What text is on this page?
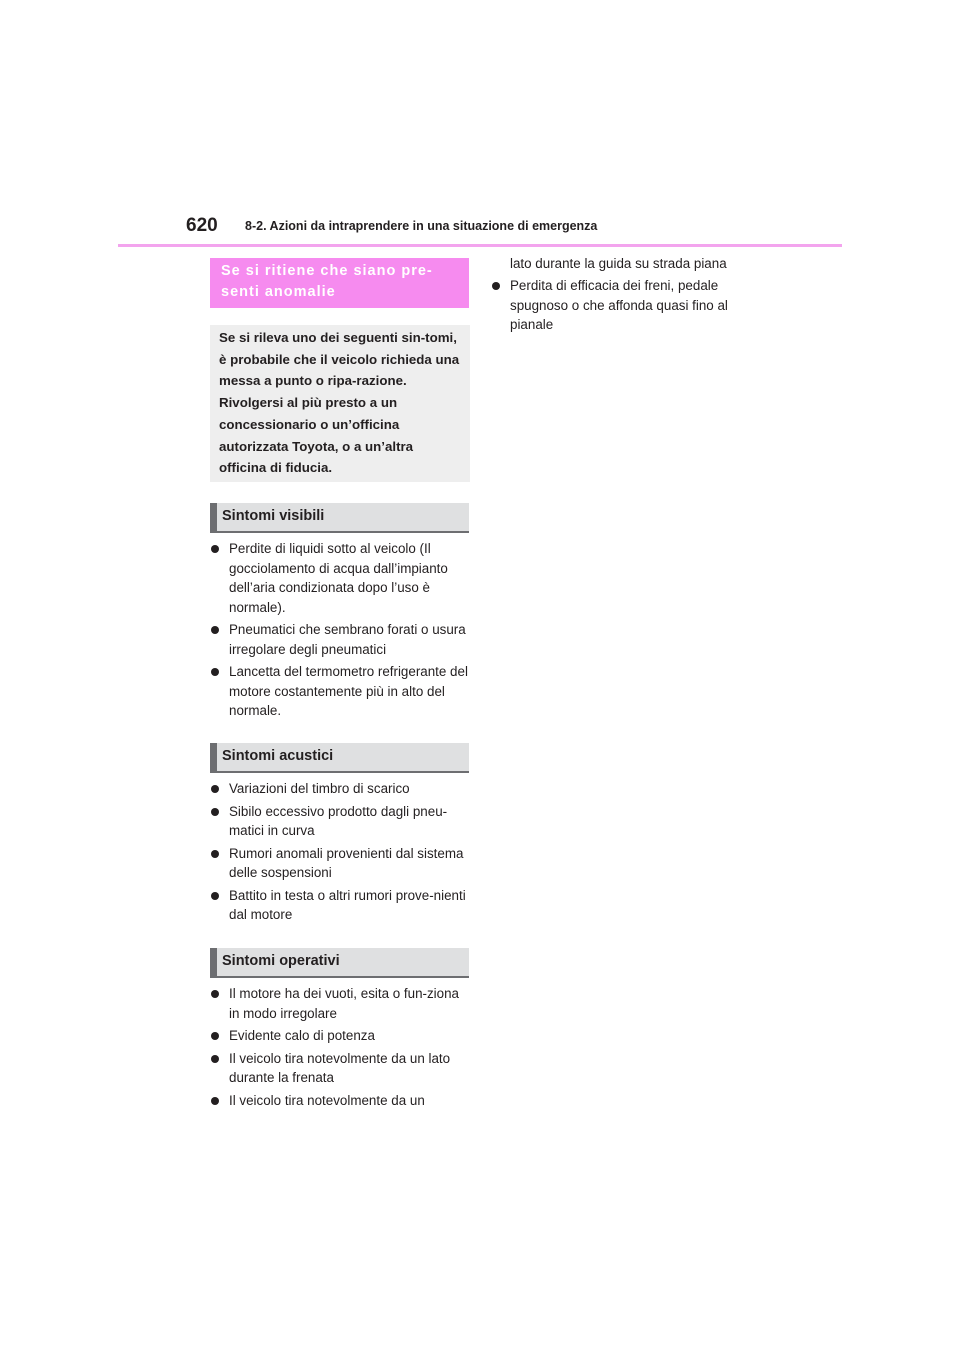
620 8-2. Azioni da intraprendere in una situazione di emergenza
Se si ritiene che siano pre-senti anomalie

Se si rileva uno dei seguenti sin-tomi, è probabile che il veicolo richieda una messa a punto o ripa-razione. Rivolgersi al più presto a un concessionario o un’officina autorizzata Toyota, o a un’altra officina di fiducia.

Sintomi visibili
Perdite di liquidi sotto al veicolo (Il gocciolamento di acqua dall’impianto dell’aria condizionata dopo l’uso è normale).
Pneumatici che sembrano forati o usura irregolare degli pneumatici
Lancetta del termometro refrigerante del motore costantemente più in alto del normale.
Sintomi acustici
Variazioni del timbro di scarico
Sibilo eccessivo prodotto dagli pneu-matici in curva
Rumori anomali provenienti dal sistema delle sospensioni
Battito in testa o altri rumori prove-nienti dal motore
Sintomi operativi
Il motore ha dei vuoti, esita o fun-ziona in modo irregolare
Evidente calo di potenza
Il veicolo tira notevolmente da un lato durante la frenata
Il veicolo tira notevolmente da un
lato durante la guida su strada piana
Perdita di efficacia dei freni, pedale spugnoso o che affonda quasi fino al pianale
